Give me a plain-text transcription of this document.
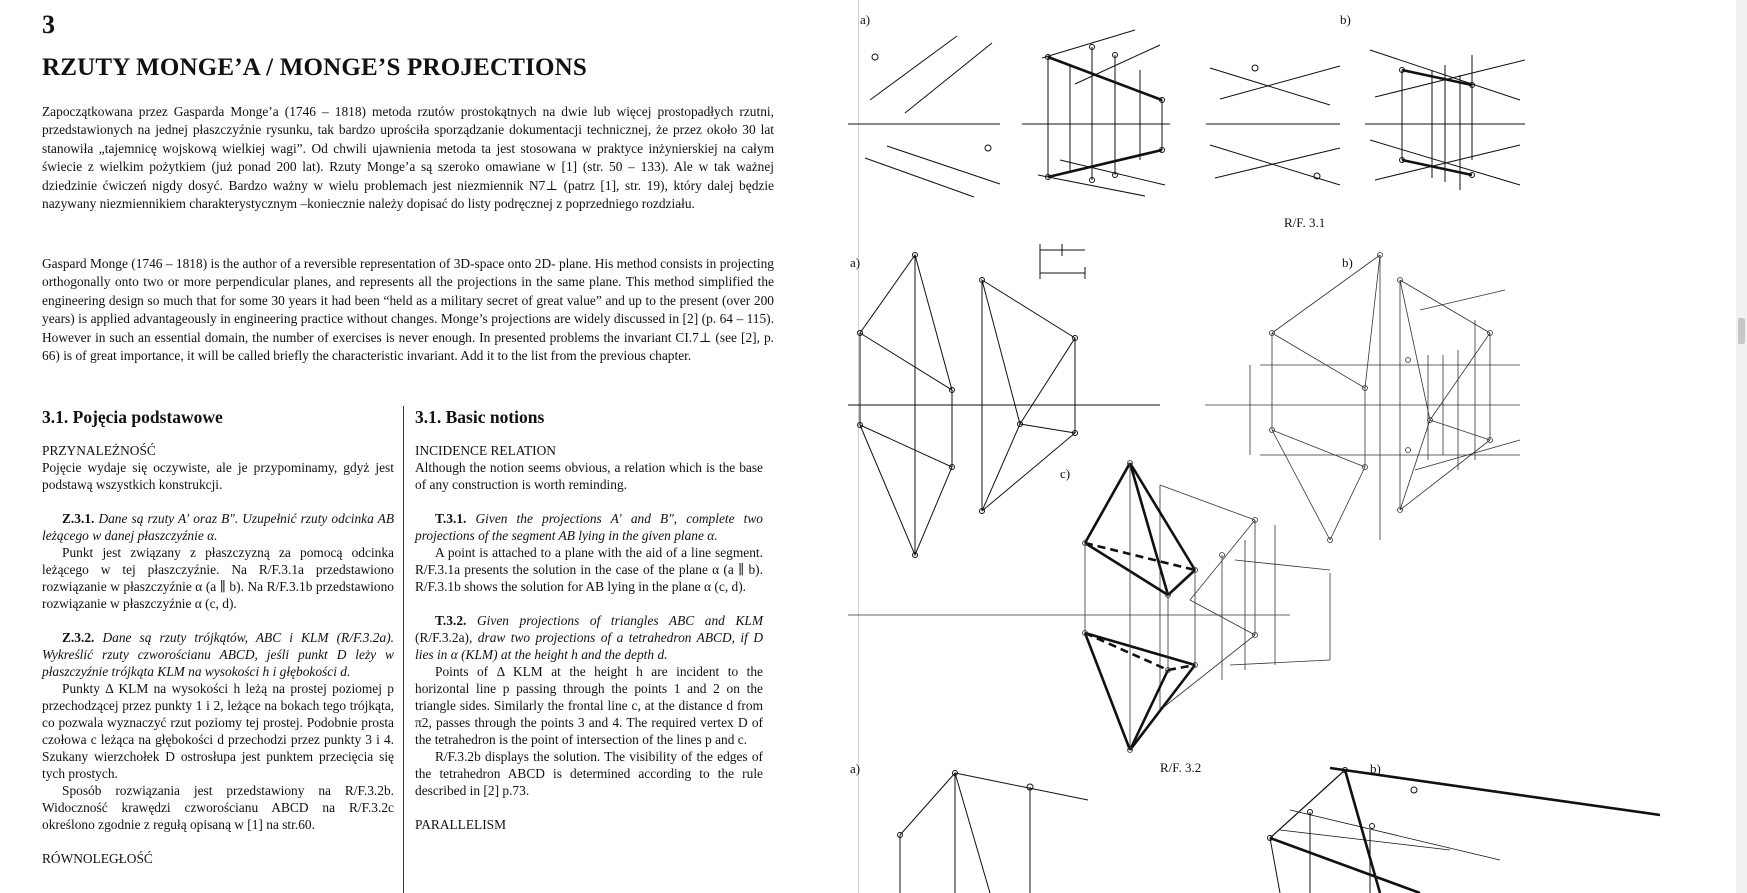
3
RZUTY MONGE’A / MONGE’S PROJECTIONS

Zapoczątkowana przez Gasparda Monge’a (1746 – 1818) metoda rzutów prostokątnych na dwie lub więcej prostopadłych rzutni, przedstawionych na jednej płaszczyźnie rysunku, tak bardzo uprościła sporządzanie dokumentacji technicznej, że przez około 30 lat stanowiła „tajemnicę wojskową wielkiej wagi”. Od chwili ujawnienia metoda ta jest stosowana w praktyce inżynierskiej na całym świecie z wielkim pożytkiem (już ponad 200 lat). Rzuty Monge’a są szeroko omawiane w [1] (str. 50 – 133). Ale w tak ważnej dziedzinie ćwiczeń nigdy dosyć. Bardzo ważny w wielu problemach jest niezmiennik N7⊥ (patrz [1], str. 19), który dalej będzie nazywany niezmiennikiem charakterystycznym –koniecznie należy dopisać do listy podręcznej z poprzedniego rozdziału.

Gaspard Monge (1746 – 1818) is the author of a reversible representation of 3D-space onto 2D- plane. His method consists in projecting orthogonally onto two or more perpendicular planes, and represents all the projections in the same plane. This method simplified the engineering design so much that for some 30 years it had been “held as a military secret of great value” and up to the present (over 200 years) is applied advantageously in engineering practice without changes. Monge’s projections are widely discussed in [2] (p. 64 – 115). However in such an essential domain, the number of exercises is never enough. In presented problems the invariant CI.7⊥ (see [2], p. 66) is of great importance, it will be called briefly the characteristic invariant. Add it to the list from the previous chapter.

3.1. Pojęcia podstawowe

PRZYNALEŻNOŚĆ

Pojęcie wydaje się oczywiste, ale je przypominamy, gdyż jest podstawą wszystkich konstrukcji.

Z.3.1. Dane są rzuty A′ oraz B″. Uzupełnić rzuty odcinka AB leżącego w danej płaszczyźnie α.

Punkt jest związany z płaszczyzną za pomocą odcinka leżącego w tej płaszczyźnie. Na R/F.3.1a przedstawiono rozwiązanie w płaszczyźnie α (a ∥ b). Na R/F.3.1b przedstawiono rozwiązanie w płaszczyźnie α (c, d).

Z.3.2. Dane są rzuty trójkątów, ABC i KLM (R/F.3.2a). Wykreślić rzuty czworościanu ABCD, jeśli punkt D leży w płaszczyźnie trójkąta KLM na wysokości h i głębokości d.

Punkty Δ KLM na wysokości h leżą na prostej poziomej p przechodzącej przez punkty 1 i 2, leżące na bokach tego trójkąta, co pozwala wyznaczyć rzut poziomy tej prostej. Podobnie prosta czołowa c leżąca na głębokości d przechodzi przez punkty 3 i 4. Szukany wierzchołek D ostrosłupa jest punktem przecięcia się tych prostych.

Sposób rozwiązania jest przedstawiony na R/F.3.2b. Widoczność krawędzi czworościanu ABCD na R/F.3.2c określono zgodnie z regułą opisaną w [1] na str.60.

RÓWNOLEGŁOŚĆ

3.1. Basic notions

INCIDENCE RELATION

Although the notion seems obvious, a relation which is the base of any construction is worth reminding.

T.3.1. Given the projections A′ and B″, complete two projections of the segment AB lying in the given plane α.

A point is attached to a plane with the aid of a line segment. R/F.3.1a presents the solution in the case of the plane α (a ∥ b). R/F.3.1b shows the solution for AB lying in the plane α (c, d).

T.3.2. Given projections of triangles ABC and KLM (R/F.3.2a), draw two projections of a tetrahedron ABCD, if D lies in α (KLM) at the height h and the depth d.

Points of Δ KLM at the height h are incident to the horizontal line p passing through the points 1 and 2 on the triangle sides. Similarly the frontal line c, at the distance d from π2, passes through the points 3 and 4. The required vertex D of the tetrahedron is the point of intersection of the lines p and c.

R/F.3.2b displays the solution. The visibility of the edges of the tetrahedron ABCD is determined according to the rule described in [2] p.73.

PARALLELISM

a)	b)
R/F. 3.1
a)	b)
c)
R/F. 3.2
a)	b)
